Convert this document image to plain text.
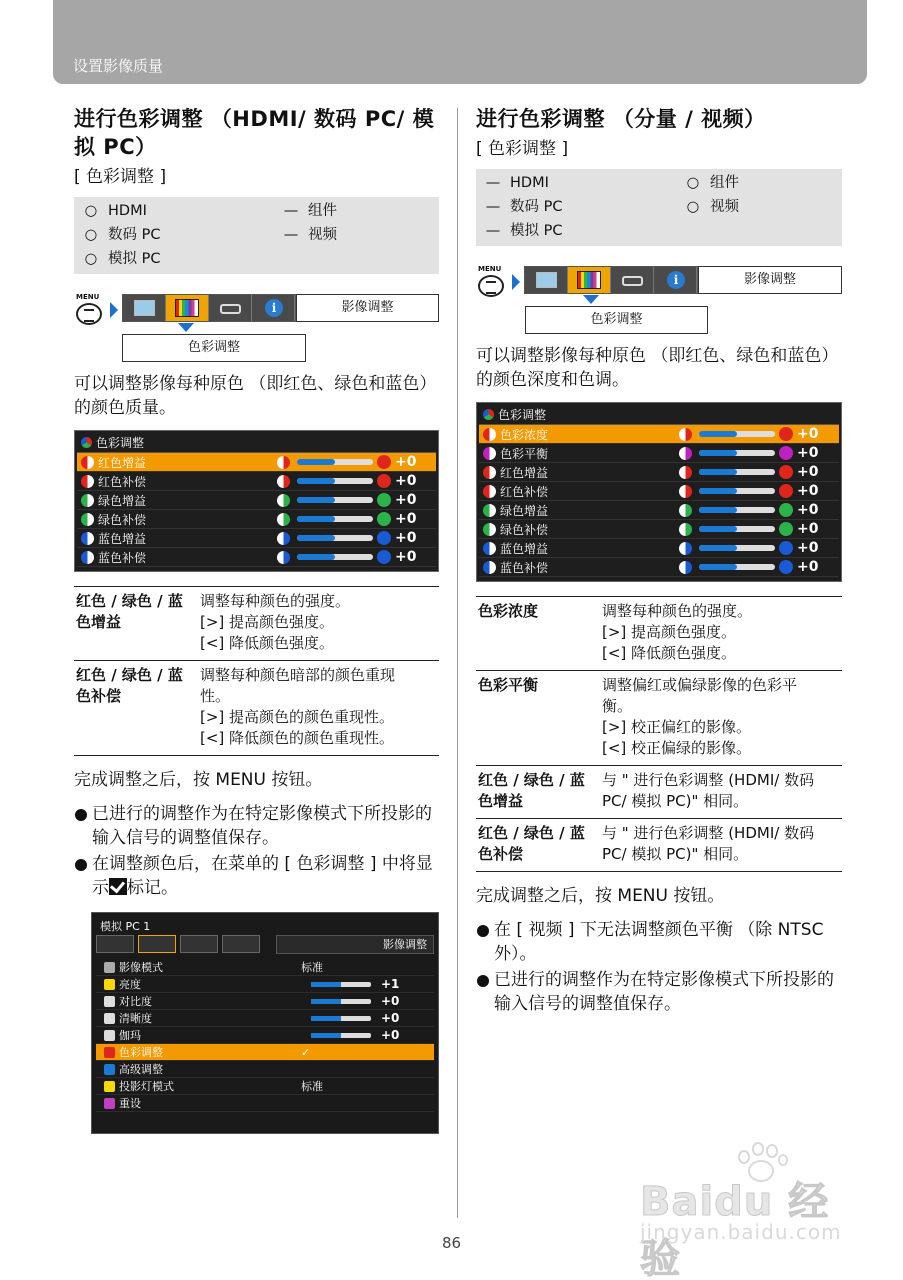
设置影像质量
进行色彩调整 （HDMI/ 数码 PC/ 模拟 PC）
[ 色彩调整 ]
○ HDMI	— 组件
○ 数码 PC	— 视频
○ 模拟 PC
MENU
i	影像调整
色彩调整
可以调整影像每种原色 （即红色、绿色和蓝色）的颜色质量。
色彩调整
红色增益	+0
红色补偿	+0
绿色增益	+0
绿色补偿	+0
蓝色增益	+0
蓝色补偿	+0
红色 / 绿色 / 蓝色增益	调整每种颜色的强度。
[>] 提高颜色强度。
[<] 降低颜色强度。

红色 / 绿色 / 蓝色补偿	调整每种颜色暗部的颜色重现
性。
[>] 提高颜色的颜色重现性。
[<] 降低颜色的颜色重现性。
完成调整之后，按 MENU 按钮。
已进行的调整作为在特定影像模式下所投影的输入信号的调整值保存。
在调整颜色后，在菜单的 [ 色彩调整 ] 中将显示 标记。
模拟 PC 1
影像调整
影像模式	标准
亮度	+1
对比度	+0
清晰度	+0
伽玛	+0
色彩调整	✓
高级调整
投影灯模式	标准
重设
进行色彩调整 （分量 / 视频）
[ 色彩调整 ]
— HDMI	○ 组件
— 数码 PC	○ 视频
— 模拟 PC
MENU
i	影像调整
色彩调整
可以调整影像每种原色 （即红色、绿色和蓝色）的颜色深度和色调。
色彩调整
色彩浓度	+0
色彩平衡	+0
红色增益	+0
红色补偿	+0
绿色增益	+0
绿色补偿	+0
蓝色增益	+0
蓝色补偿	+0
色彩浓度	调整每种颜色的强度。
[>] 提高颜色强度。
[<] 降低颜色强度。

色彩平衡	调整偏红或偏绿影像的色彩平
衡。
[>] 校正偏红的影像。
[<] 校正偏绿的影像。

红色 / 绿色 / 蓝色增益	与 " 进行色彩调整 (HDMI/ 数码
PC/ 模拟 PC)" 相同。

红色 / 绿色 / 蓝色补偿	与 " 进行色彩调整 (HDMI/ 数码
PC/ 模拟 PC)" 相同。
完成调整之后，按 MENU 按钮。
在 [ 视频 ] 下无法调整颜色平衡 （除 NTSC 外）。
已进行的调整作为在特定影像模式下所投影的输入信号的调整值保存。
86
Baidu 经验
jingyan.baidu.com
